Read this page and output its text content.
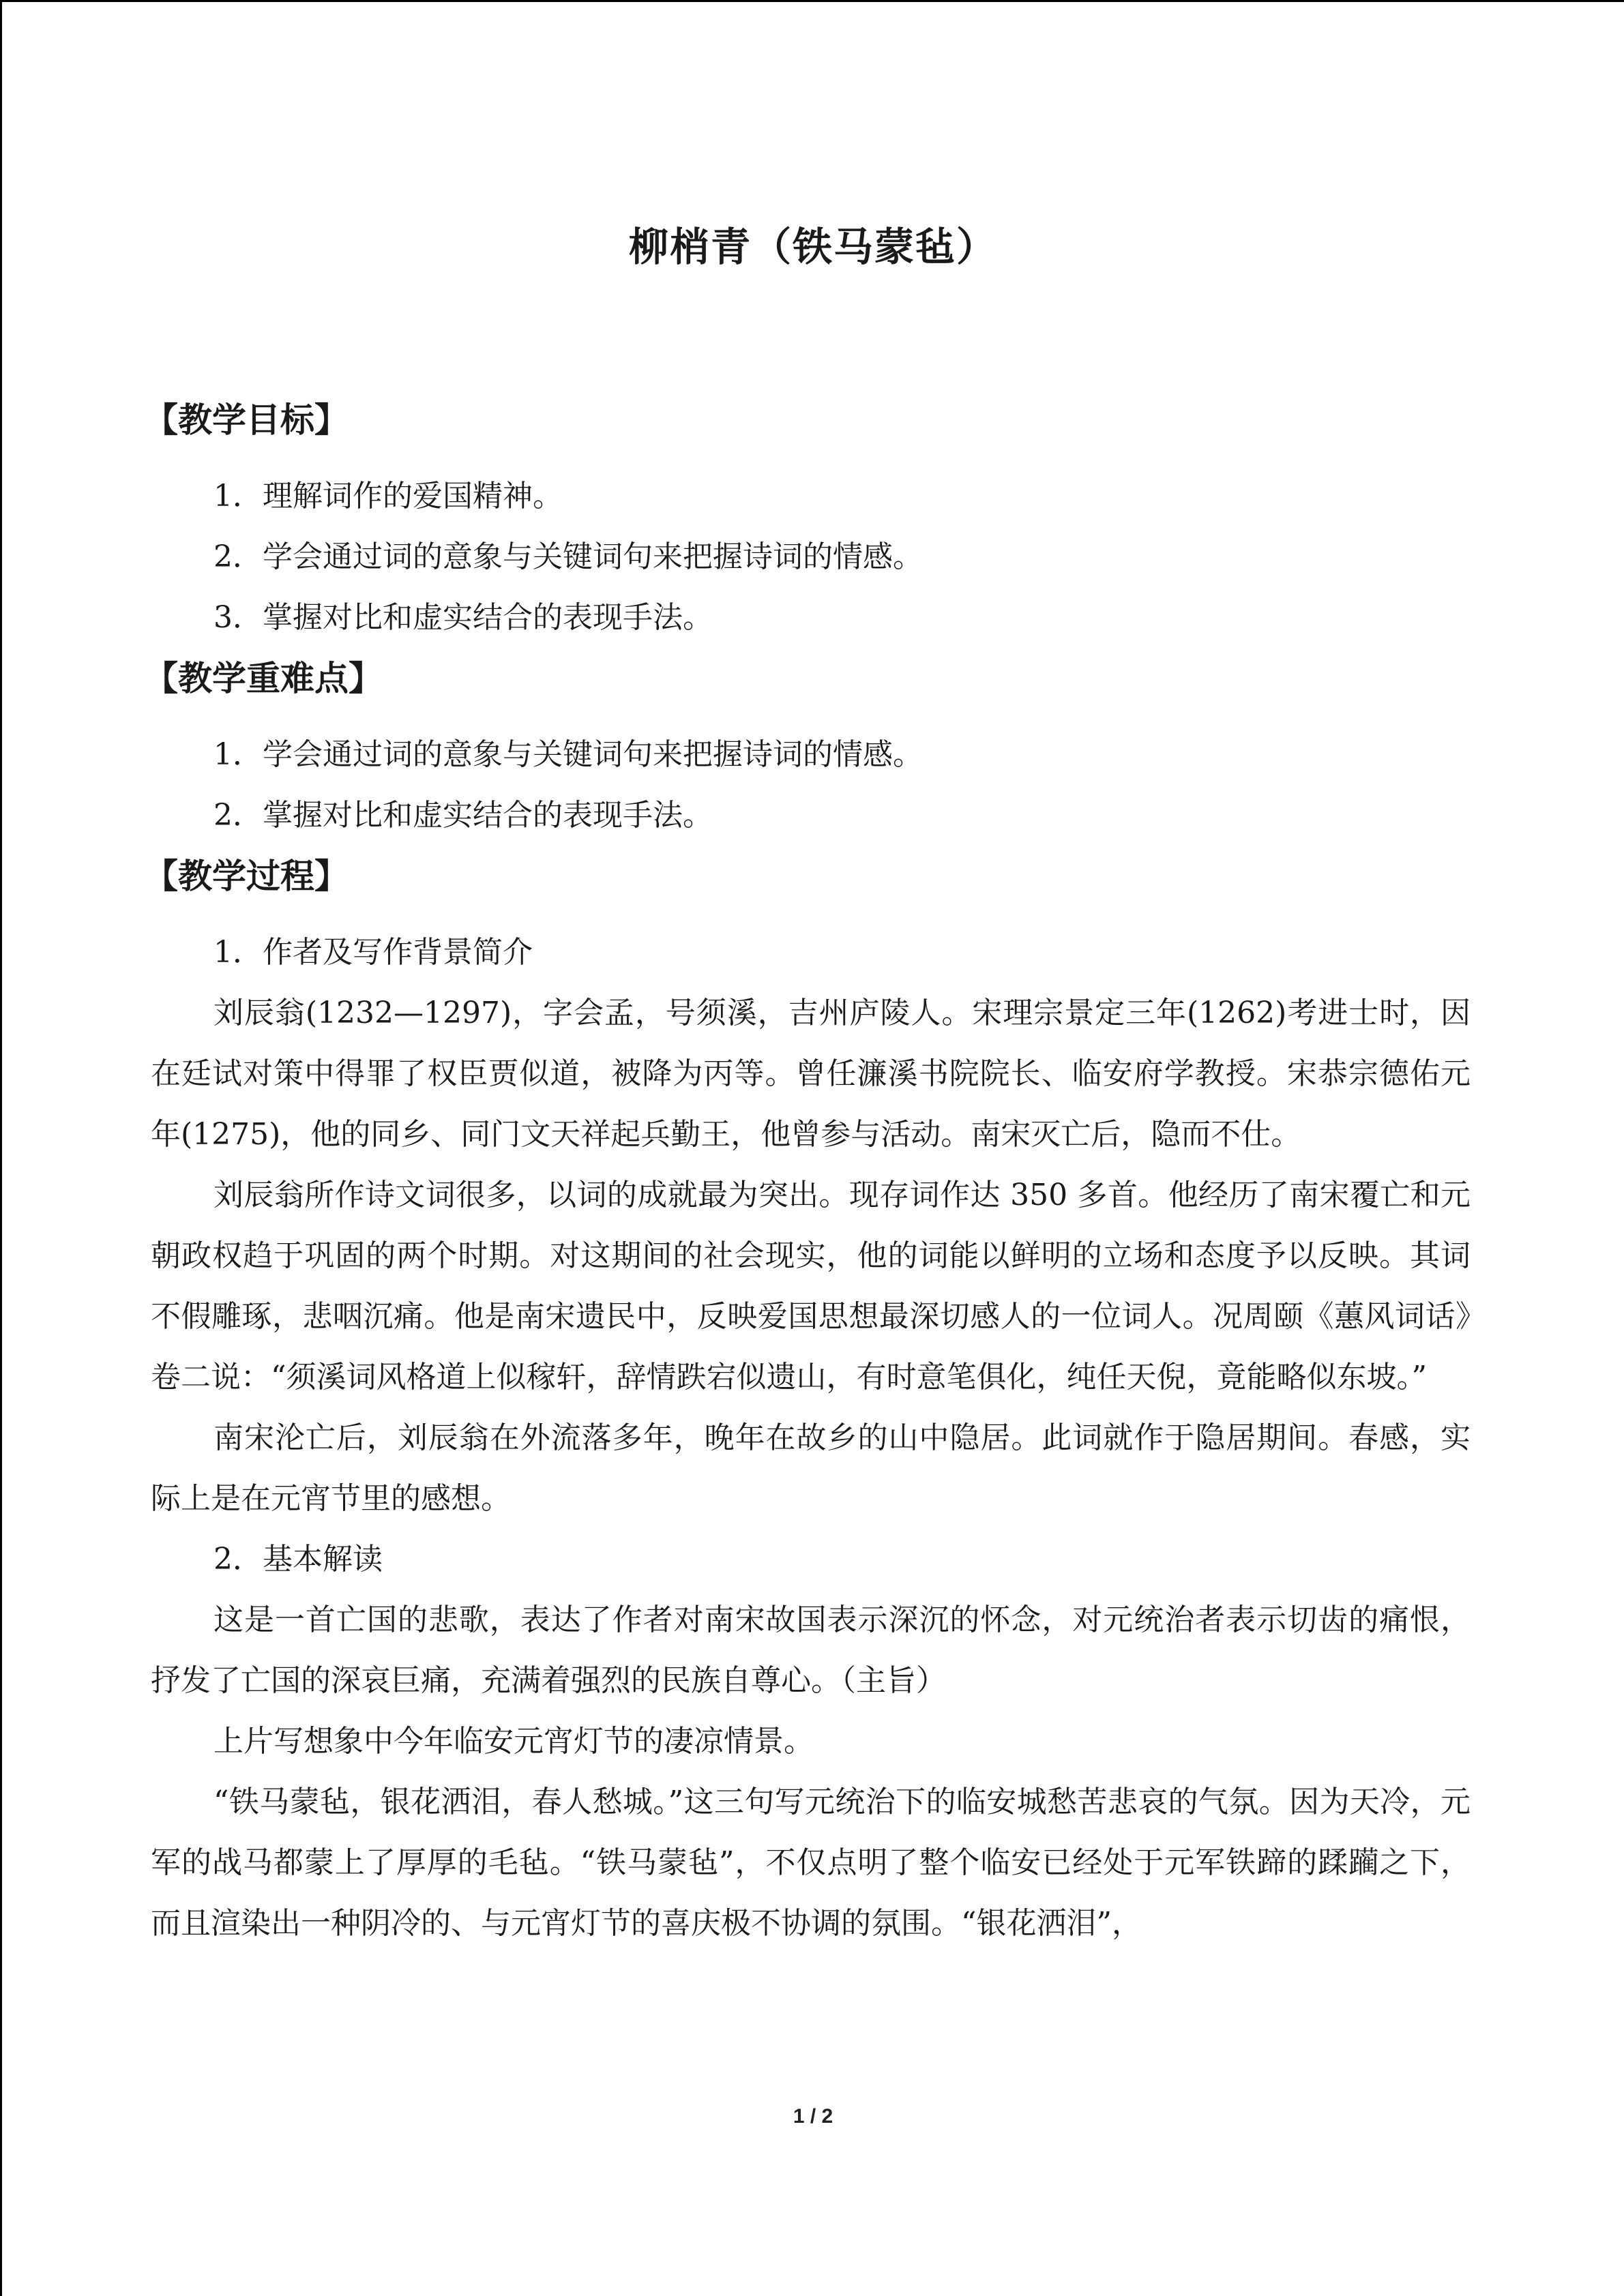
柳梢青（铁马蒙毡）
【教学目标】
1．理解词作的爱国精神。
2．学会通过词的意象与关键词句来把握诗词的情感。
3．掌握对比和虚实结合的表现手法。
【教学重难点】
1．学会通过词的意象与关键词句来把握诗词的情感。
2．掌握对比和虚实结合的表现手法。
【教学过程】

1．作者及写作背景简介

刘辰翁(1232—1297)，字会孟，号须溪，吉州庐陵人。宋理宗景定三年(1262)考进士时，因在廷试对策中得罪了权臣贾似道，被降为丙等。曾任濂溪书院院长、临安府学教授。宋恭宗德佑元年(1275)，他的同乡、同门文天祥起兵勤王，他曾参与活动。南宋灭亡后，隐而不仕。

刘辰翁所作诗文词很多，以词的成就最为突出。现存词作达 350 多首。他经历了南宋覆亡和元朝政权趋于巩固的两个时期。对这期间的社会现实，他的词能以鲜明的立场和态度予以反映。其词不假雕琢，悲咽沉痛。他是南宋遗民中，反映爱国思想最深切感人的一位词人。况周颐《蕙风词话》卷二说：“须溪词风格道上似稼轩，辞情跌宕似遗山，有时意笔俱化，纯任天倪，竟能略似东坡。”

南宋沦亡后，刘辰翁在外流落多年，晚年在故乡的山中隐居。此词就作于隐居期间。春感，实际上是在元宵节里的感想。

2．基本解读

这是一首亡国的悲歌，表达了作者对南宋故国表示深沉的怀念，对元统治者表示切齿的痛恨，抒发了亡国的深哀巨痛，充满着强烈的民族自尊心。（主旨）

上片写想象中今年临安元宵灯节的凄凉情景。

“铁马蒙毡，银花洒泪，春人愁城。”这三句写元统治下的临安城愁苦悲哀的气氛。因为天冷，元军的战马都蒙上了厚厚的毛毡。“铁马蒙毡”，不仅点明了整个临安已经处于元军铁蹄的蹂躏之下，而且渲染出一种阴冷的、与元宵灯节的喜庆极不协调的氛围。“银花洒泪”，

1 / 2
